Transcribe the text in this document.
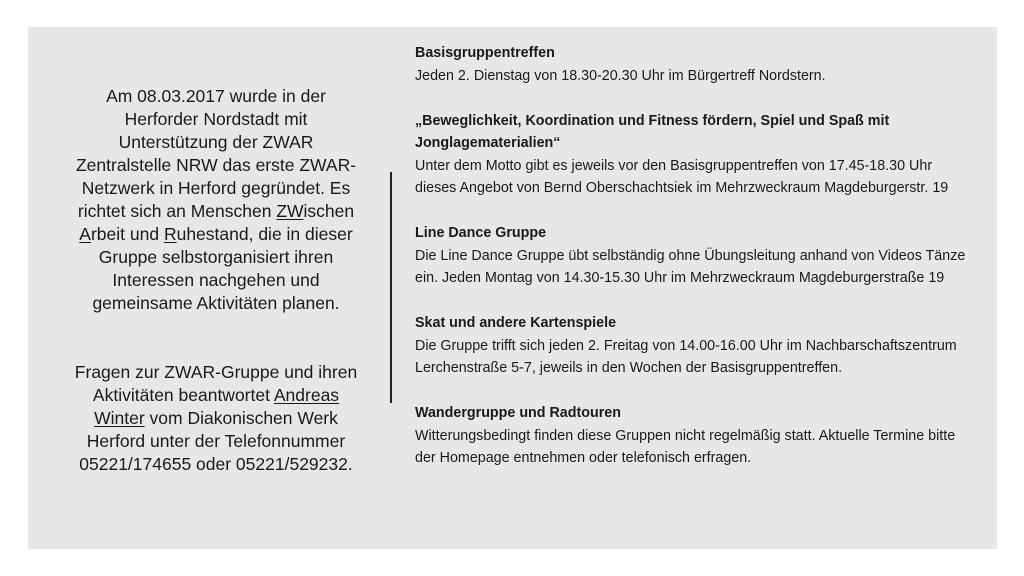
Am 08.03.2017 wurde in der Herforder Nordstadt mit Unterstützung der ZWAR Zentralstelle NRW das erste ZWAR-Netzwerk in Herford gegründet. Es richtet sich an Menschen ZWischen Arbeit und Ruhestand, die in dieser Gruppe selbstorganisiert ihren Interessen nachgehen und gemeinsame Aktivitäten planen.

Fragen zur ZWAR-Gruppe und ihren Aktivitäten beantwortet Andreas Winter vom Diakonischen Werk Herford unter der Telefonnummer 05221/174655 oder 05221/529232.

Basisgruppentreffen
Jeden 2. Dienstag von 18.30-20.30 Uhr im Bürgertreff Nordstern.
„Beweglichkeit, Koordination und Fitness fördern, Spiel und Spaß mit Jonglagematerialien“
Unter dem Motto gibt es jeweils vor den Basisgruppentreffen von 17.45-18.30 Uhr dieses Angebot von Bernd Oberschachtsiek im Mehrzweckraum Magdeburgerstr. 19
Line Dance Gruppe
Die Line Dance Gruppe übt selbständig ohne Übungsleitung anhand von Videos Tänze ein. Jeden Montag von 14.30-15.30 Uhr im Mehrzweckraum Magdeburgerstraße 19
Skat und andere Kartenspiele
Die Gruppe trifft sich jeden 2. Freitag von 14.00-16.00 Uhr im Nachbarschaftszentrum Lerchenstraße 5-7, jeweils in den Wochen der Basisgruppentreffen.
Wandergruppe und Radtouren
Witterungsbedingt finden diese Gruppen nicht regelmäßig statt. Aktuelle Termine bitte der Homepage entnehmen oder telefonisch erfragen.
